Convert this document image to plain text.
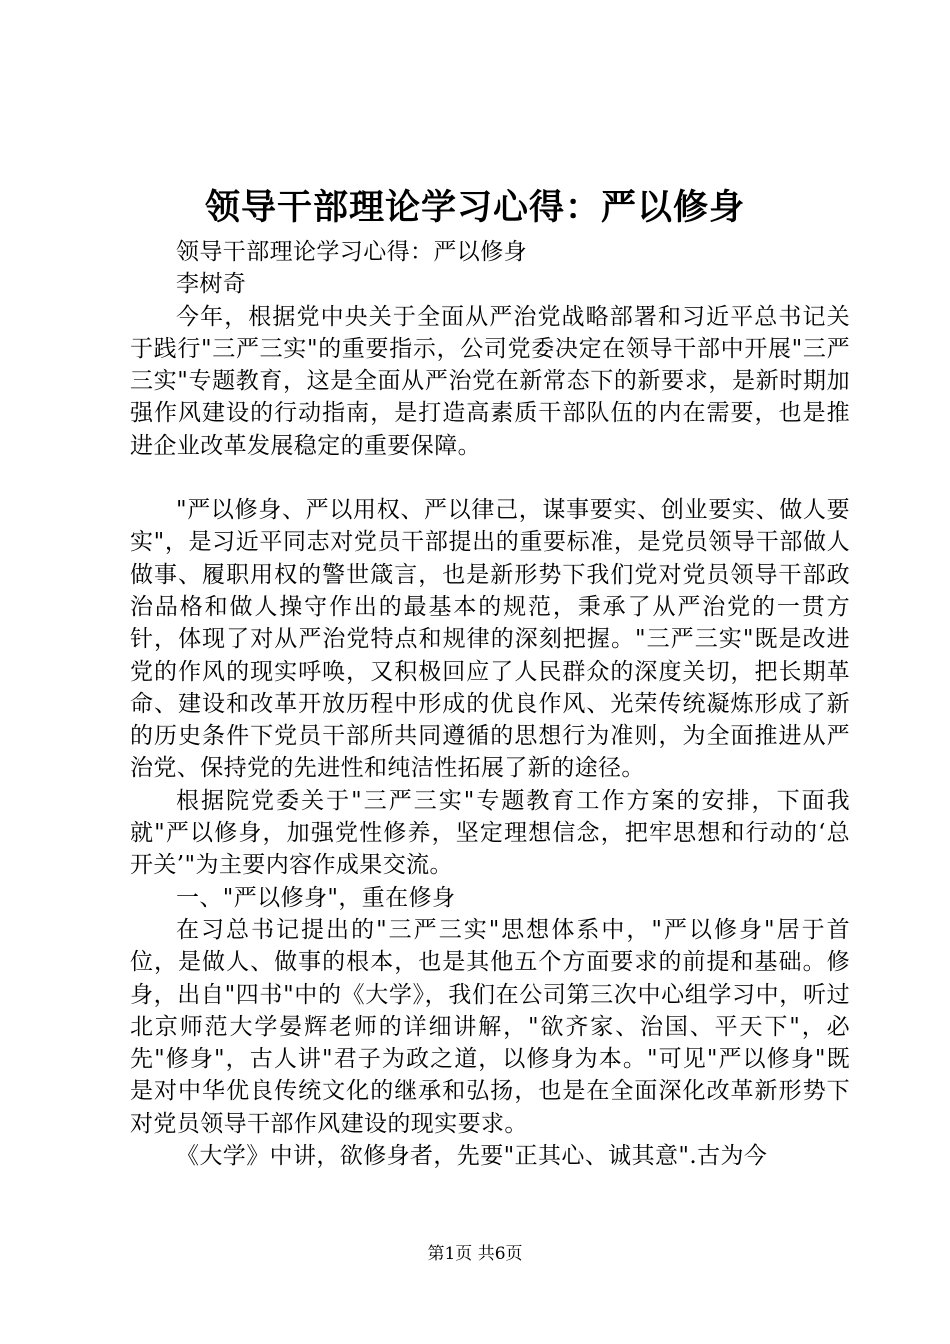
领导干部理论学习心得：严以修身

领导干部理论学习心得：严以修身

李树奇

今年，根据党中央关于全面从严治党战略部署和习近平总书记关于践行"三严三实"的重要指示，公司党委决定在领导干部中开展"三严三实"专题教育，这是全面从严治党在新常态下的新要求，是新时期加强作风建设的行动指南，是打造高素质干部队伍的内在需要，也是推进企业改革发展稳定的重要保障。

"严以修身、严以用权、严以律己，谋事要实、创业要实、做人要实"，是习近平同志对党员干部提出的重要标准，是党员领导干部做人做事、履职用权的警世箴言，也是新形势下我们党对党员领导干部政治品格和做人操守作出的最基本的规范，秉承了从严治党的一贯方针，体现了对从严治党特点和规律的深刻把握。"三严三实"既是改进党的作风的现实呼唤，又积极回应了人民群众的深度关切，把长期革命、建设和改革开放历程中形成的优良作风、光荣传统凝炼形成了新的历史条件下党员干部所共同遵循的思想行为准则，为全面推进从严治党、保持党的先进性和纯洁性拓展了新的途径。

根据院党委关于"三严三实"专题教育工作方案的安排，下面我就"严以修身，加强党性修养，坚定理想信念，把牢思想和行动的‘总开关’"为主要内容作成果交流。

一、"严以修身"，重在修身

在习总书记提出的"三严三实"思想体系中，"严以修身"居于首位，是做人、做事的根本，也是其他五个方面要求的前提和基础。修身，出自"四书"中的《大学》，我们在公司第三次中心组学习中，听过北京师范大学晏辉老师的详细讲解，"欲齐家、治国、平天下"，必先"修身"，古人讲"君子为政之道，以修身为本。"可见"严以修身"既是对中华优良传统文化的继承和弘扬，也是在全面深化改革新形势下对党员领导干部作风建设的现实要求。

《大学》中讲，欲修身者，先要"正其心、诚其意".古为今

第1页 共6页
